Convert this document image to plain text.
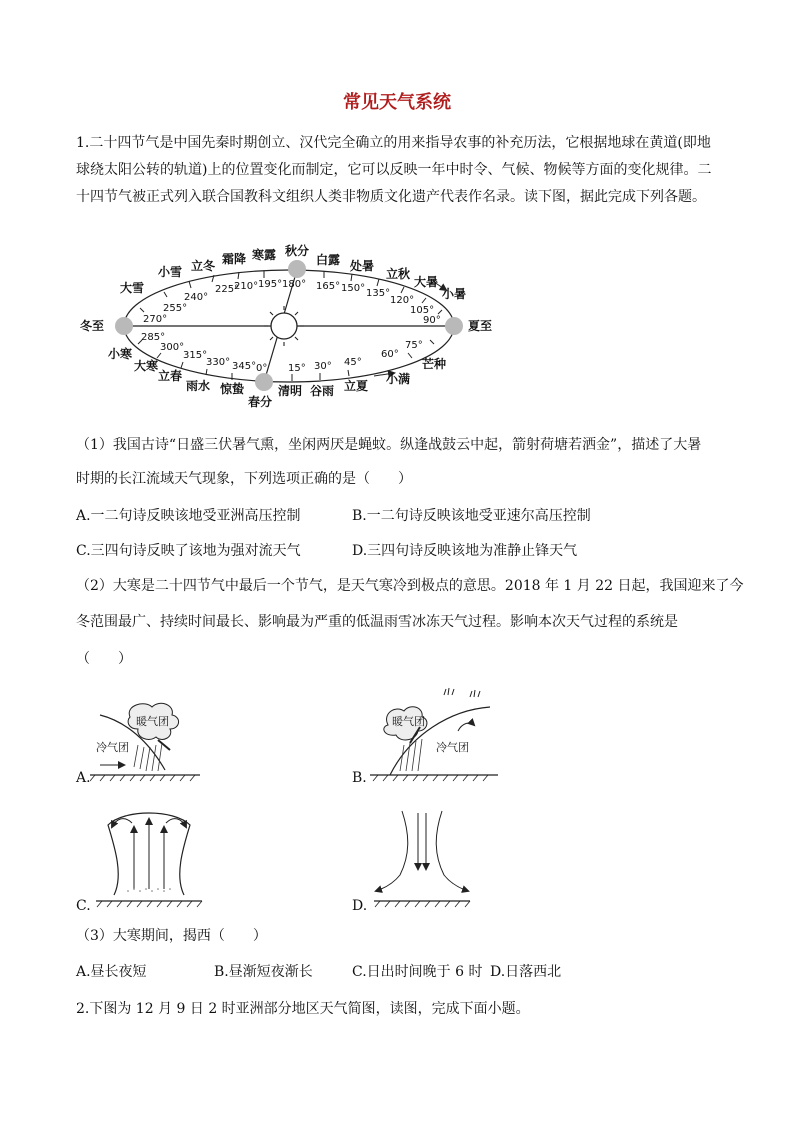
常见天气系统
1.二十四节气是中国先秦时期创立、汉代完全确立的用来指导农事的补充历法，它根据地球在黄道(即地球绕太阳公转的轨道)上的位置变化而制定，它可以反映一年中时令、气候、物候等方面的变化规律。二十四节气被正式列入联合国教科文组织人类非物质文化遗产代表作名录。读下图，据此完成下列各题。
冬至	夏至
秋分
春分
寒露
霜降
立冬
小雪
大雪
白露 处暑
立秋
大暑
小暑
小寒
大寒
立春
雨水 惊蛰	清明 谷雨 立夏 小满
芒种
225°
210° 195° 180° 165° 150° 135°
240°
255°
270°
285°
300°
315°
330° 345° 0° 15° 30° 45°
60°
75°
90°
105°
120°
（1）我国古诗“日盛三伏暑气熏，坐闲两厌是蝇蚊。纵逢战鼓云中起，箭射荷塘若洒金”，描述了大暑
时期的长江流域天气现象，下列选项正确的是（　　）
A.一二句诗反映该地受亚洲高压控制	B.一二句诗反映该地受亚速尔高压控制
C.三四句诗反映了该地为强对流天气	D.三四句诗反映该地为准静止锋天气
（2）大寒是二十四节气中最后一个节气，是天气寒冷到极点的意思。2018 年 1 月 22 日起，我国迎来了今
冬范围最广、持续时间最长、影响最为严重的低温雨雪冰冻天气过程。影响本次天气过程的系统是
（　　）
A.
暖气团
冷气团
B.
暖气团
冷气团
C.	D.
（3）大寒期间，揭西（　　）
A.昼长夜短	B.昼渐短夜渐长	C.日出时间晚于 6 时 D.日落西北
2.下图为 12 月 9 日 2 时亚洲部分地区天气简图，读图，完成下面小题。
